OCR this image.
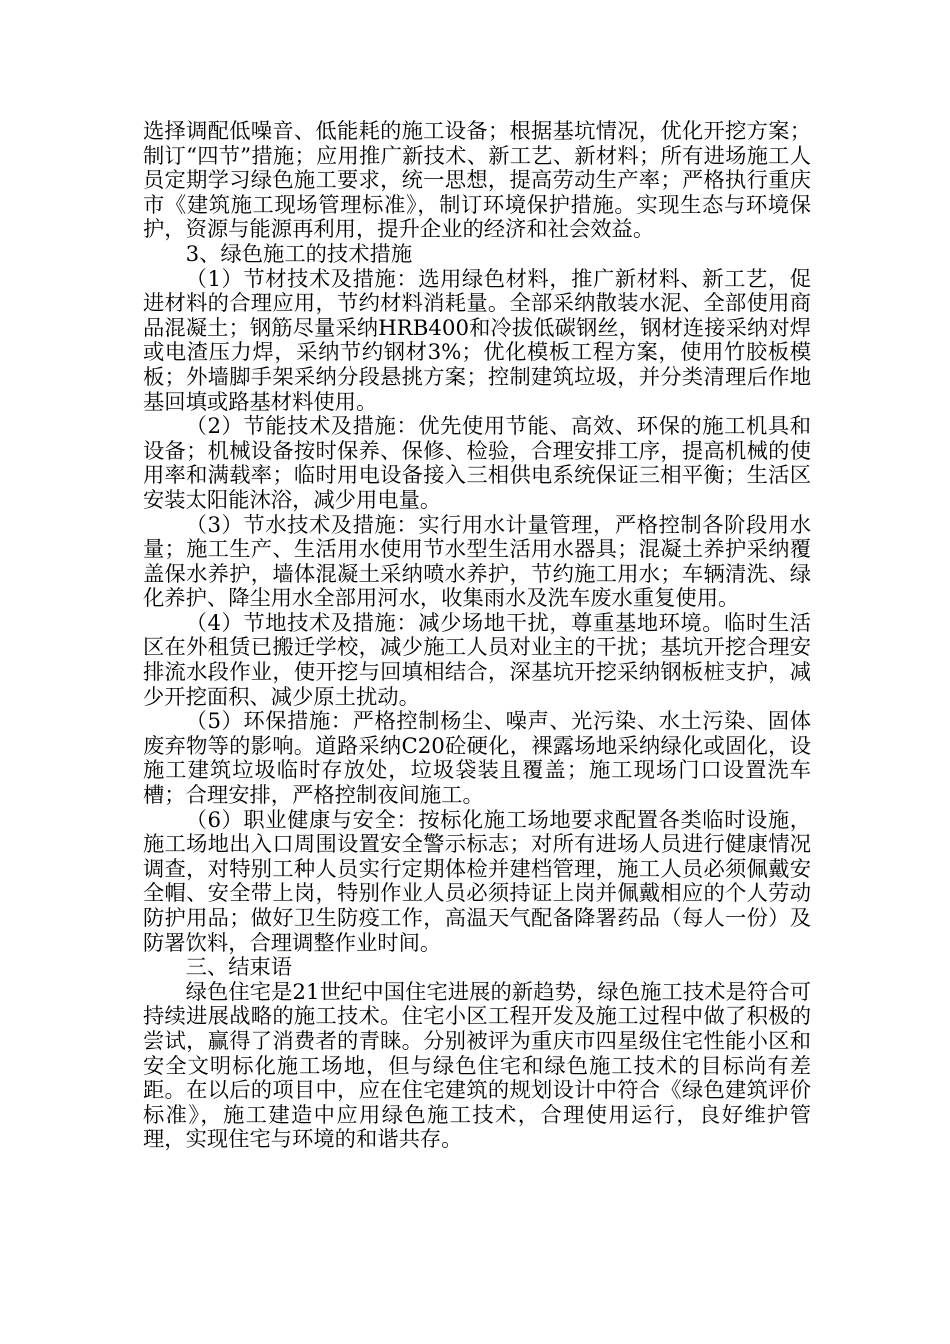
选择调配低噪音、低能耗的施工设备；根据基坑情况，优化开挖方案；制订“四节”措施；应用推广新技术、新工艺、新材料；所有进场施工人员定期学习绿色施工要求，统一思想，提高劳动生产率；严格执行重庆市《建筑施工现场管理标准》，制订环境保护措施。实现生态与环境保护，资源与能源再利用，提升企业的经济和社会效益。

3、绿色施工的技术措施

（1）节材技术及措施：选用绿色材料，推广新材料、新工艺，促进材料的合理应用，节约材料消耗量。全部采纳散装水泥、全部使用商品混凝土；钢筋尽量采纳HRB400和冷拔低碳钢丝，钢材连接采纳对焊或电渣压力焊，采纳节约钢材3%；优化模板工程方案，使用竹胶板模板；外墙脚手架采纳分段悬挑方案；控制建筑垃圾，并分类清理后作地基回填或路基材料使用。

（2）节能技术及措施：优先使用节能、高效、环保的施工机具和设备；机械设备按时保养、保修、检验，合理安排工序，提高机械的使用率和满载率；临时用电设备接入三相供电系统保证三相平衡；生活区安装太阳能沐浴，减少用电量。

（3）节水技术及措施：实行用水计量管理，严格控制各阶段用水量；施工生产、生活用水使用节水型生活用水器具；混凝土养护采纳覆盖保水养护，墙体混凝土采纳喷水养护，节约施工用水；车辆清洗、绿化养护、降尘用水全部用河水，收集雨水及洗车废水重复使用。

（4）节地技术及措施：减少场地干扰，尊重基地环境。临时生活区在外租赁已搬迁学校，减少施工人员对业主的干扰；基坑开挖合理安排流水段作业，使开挖与回填相结合，深基坑开挖采纳钢板桩支护，减少开挖面积、减少原土扰动。

（5）环保措施：严格控制杨尘、噪声、光污染、水土污染、固体废弃物等的影响。道路采纳C20砼硬化，裸露场地采纳绿化或固化，设施工建筑垃圾临时存放处，垃圾袋装且覆盖；施工现场门口设置洗车槽；合理安排，严格控制夜间施工。

（6）职业健康与安全：按标化施工场地要求配置各类临时设施，施工场地出入口周围设置安全警示标志；对所有进场人员进行健康情况调查，对特别工种人员实行定期体检并建档管理，施工人员必须佩戴安全帽、安全带上岗，特别作业人员必须持证上岗并佩戴相应的个人劳动防护用品；做好卫生防疫工作，高温天气配备降署药品（每人一份）及防署饮料，合理调整作业时间。

三、结束语

绿色住宅是21世纪中国住宅进展的新趋势，绿色施工技术是符合可持续进展战略的施工技术。住宅小区工程开发及施工过程中做了积极的尝试，赢得了消费者的青睐。分别被评为重庆市四星级住宅性能小区和安全文明标化施工场地，但与绿色住宅和绿色施工技术的目标尚有差距。在以后的项目中，应在住宅建筑的规划设计中符合《绿色建筑评价标准》，施工建造中应用绿色施工技术，合理使用运行，良好维护管理，实现住宅与环境的和谐共存。
